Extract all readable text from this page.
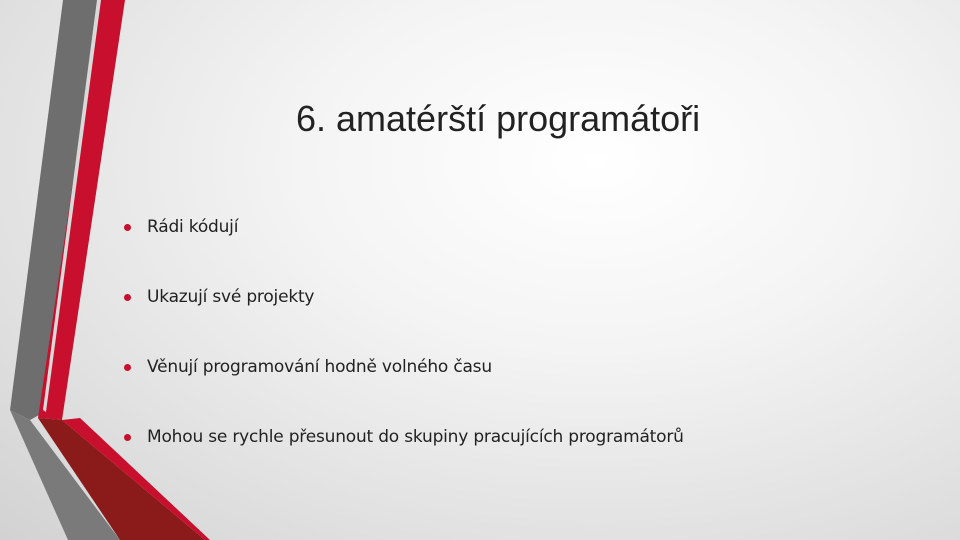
6. amatérští programátoři
Rádi kódují
Ukazují své projekty
Věnují programování hodně volného času
Mohou se rychle přesunout do skupiny pracujících programátorů
